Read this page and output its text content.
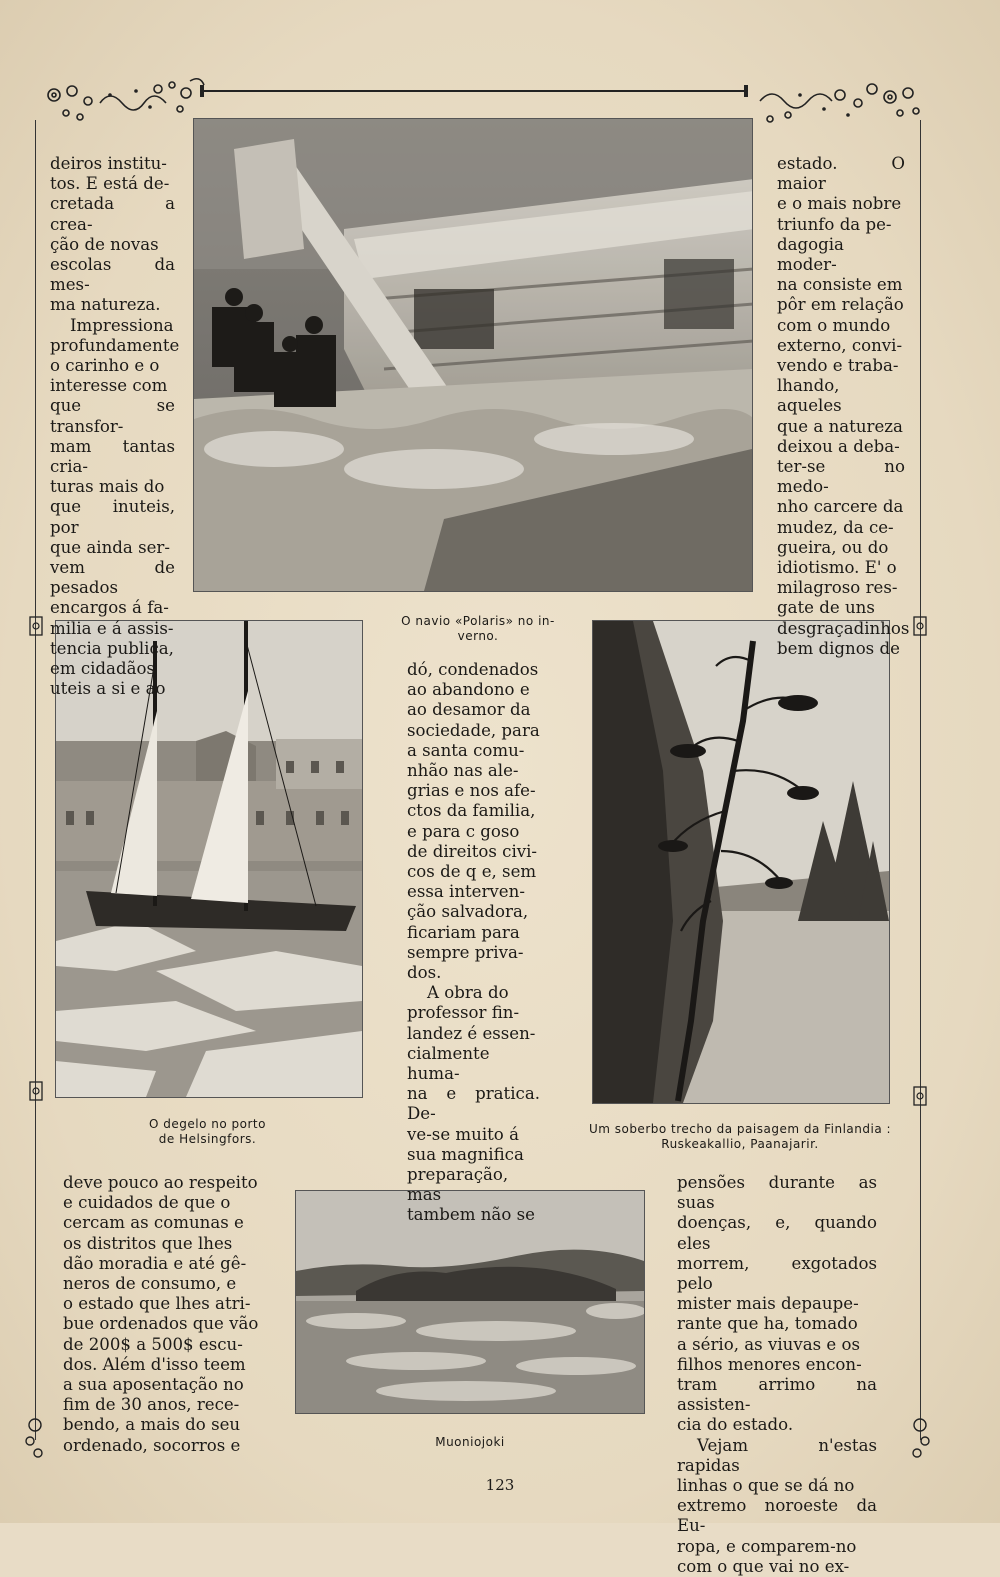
deiros institu-

tos. E está de-

cretada a crea-

ção de novas

escolas da mes-

ma natureza.

Impressiona

profundamente

o carinho e o

interesse com

que se transfor-

mam tantas cria-

turas mais do

que inuteis, por

que ainda ser-

vem de pesados

encargos á fa-

milia e á assis-

tencia publica,

em cidadãos

uteis a si e ao

estado. O maior

e o mais nobre

triunfo da pe-

dagogia moder-

na consiste em

pôr em relação

com o mundo

externo, convi-

vendo e traba-

lhando, aqueles

que a natureza

deixou a deba-

ter-se no medo-

nho carcere da

mudez, da ce-

gueira, ou do

idiotismo. E' o

milagroso res-

gate de uns

desgraçadinhos

bem dignos de

dó, condenados

ao abandono e

ao desamor da

sociedade, para

a santa comu-

nhão nas ale-

grias e nos afe-

ctos da familia,

e para c goso

de direitos civi-

cos de q e, sem

essa interven-

ção salvadora,

ficariam para

sempre priva-

dos.

A obra do

professor fin-

landez é essen-

cialmente huma-

na e pratica. De-

ve-se muito á

sua magnifica

preparação, mas

tambem não se

deve pouco ao respeito

e cuidados de que o

cercam as comunas e

os distritos que lhes

dão moradia e até gê-

neros de consumo, e

o estado que lhes atri-

bue ordenados que vão

de 200$ a 500$ escu-

dos. Além d'isso teem

a sua aposentação no

fim de 30 anos, rece-

bendo, a mais do seu

ordenado, socorros e

pensões durante as suas

doenças, e, quando eles

morrem, exgotados pelo

mister mais depaupe-

rante que ha, tomado

a sério, as viuvas e os

filhos menores encon-

tram arrimo na assisten-

cia do estado.

Vejam n'estas rapidas

linhas o que se dá no

extremo noroeste da Eu-

ropa, e comparem-no

com o que vai no ex-

O navio «Polaris» no in-
verno.
O degelo no porto
de Helsingfors.
Um soberbo trecho da paisagem da Finlandia :
Ruskeakallio, Paanajarir.
Muoniojoki
123
